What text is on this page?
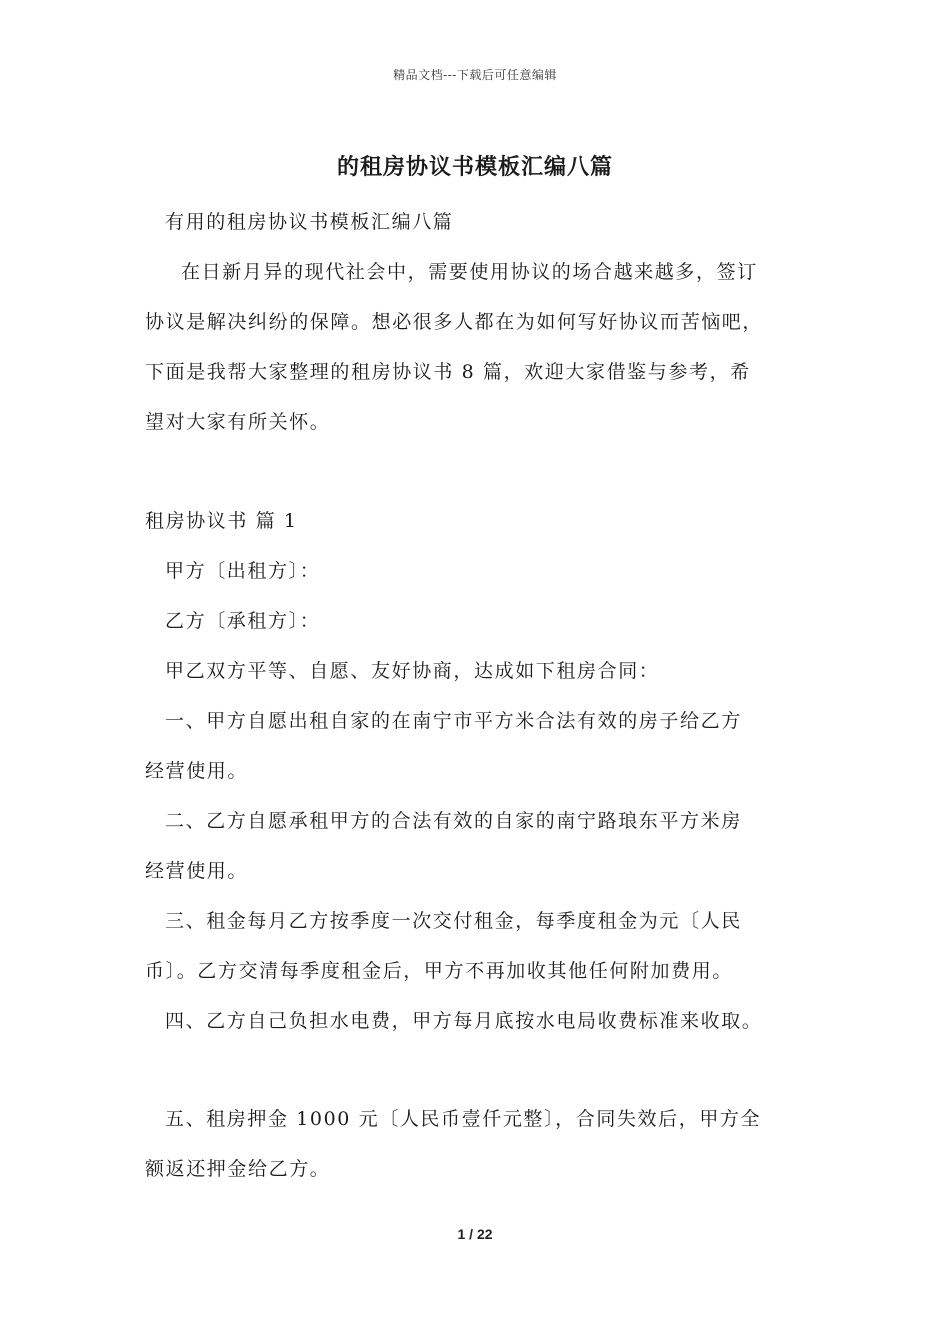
精品文档---下载后可任意编辑
的租房协议书模板汇编八篇
有用的租房协议书模板汇编八篇
在日新月异的现代社会中，需要使用协议的场合越来越多，签订
协议是解决纠纷的保障。想必很多人都在为如何写好协议而苦恼吧，
下面是我帮大家整理的租房协议书 8 篇，欢迎大家借鉴与参考，希
望对大家有所关怀。
租房协议书 篇 1
甲方〔出租方〕：
乙方〔承租方〕：
甲乙双方平等、自愿、友好协商，达成如下租房合同：
一、甲方自愿出租自家的在南宁市平方米合法有效的房子给乙方
经营使用。
二、乙方自愿承租甲方的合法有效的自家的南宁路琅东平方米房
经营使用。
三、租金每月乙方按季度一次交付租金，每季度租金为元〔人民
币〕。乙方交清每季度租金后，甲方不再加收其他任何附加费用。
四、乙方自己负担水电费，甲方每月底按水电局收费标准来收取。
五、租房押金 1000 元〔人民币壹仟元整〕，合同失效后，甲方全
额返还押金给乙方。
1 / 22
